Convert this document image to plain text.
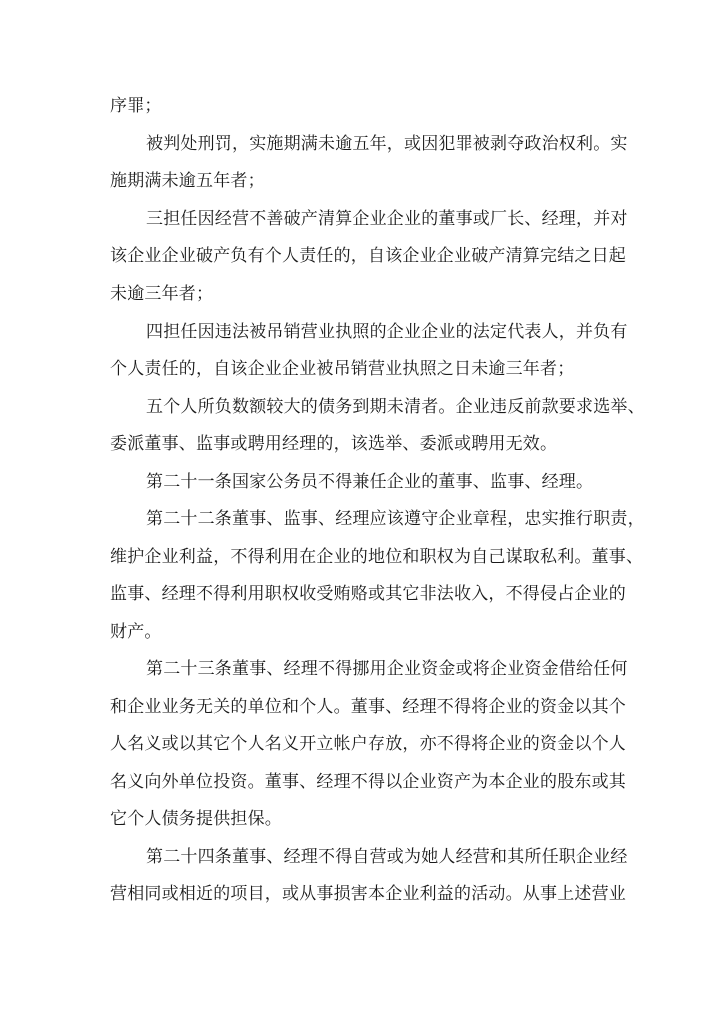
序罪；
被判处刑罚，实施期满未逾五年，或因犯罪被剥夺政治权利。实
施期满未逾五年者；
三担任因经营不善破产清算企业企业的董事或厂长、经理，并对
该企业企业破产负有个人责任的，自该企业企业破产清算完结之日起
未逾三年者；
四担任因违法被吊销营业执照的企业企业的法定代表人，并负有
个人责任的，自该企业企业被吊销营业执照之日未逾三年者；
五个人所负数额较大的债务到期未清者。企业违反前款要求选举、
委派董事、监事或聘用经理的，该选举、委派或聘用无效。
第二十一条国家公务员不得兼任企业的董事、监事、经理。
第二十二条董事、监事、经理应该遵守企业章程，忠实推行职责，
维护企业利益，不得利用在企业的地位和职权为自己谋取私利。董事、
监事、经理不得利用职权收受贿赂或其它非法收入，不得侵占企业的
财产。
第二十三条董事、经理不得挪用企业资金或将企业资金借给任何
和企业业务无关的单位和个人。董事、经理不得将企业的资金以其个
人名义或以其它个人名义开立帐户存放，亦不得将企业的资金以个人
名义向外单位投资。董事、经理不得以企业资产为本企业的股东或其
它个人债务提供担保。
第二十四条董事、经理不得自营或为她人经营和其所任职企业经
营相同或相近的项目，或从事损害本企业利益的活动。从事上述营业
